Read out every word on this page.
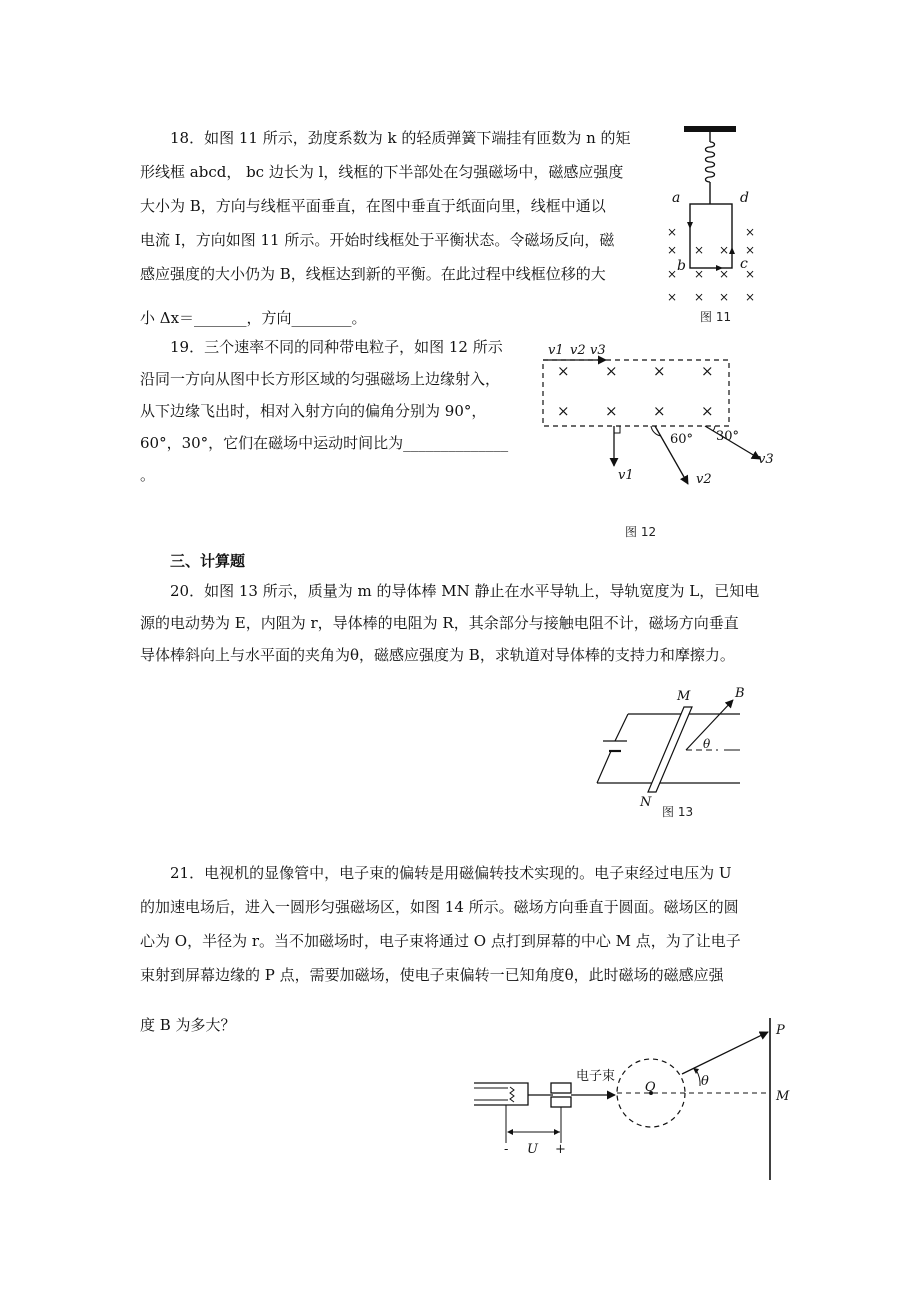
18．如图 11 所示，劲度系数为 k 的轻质弹簧下端挂有匝数为 n 的矩
形线框 abcd， bc 边长为 l，线框的下半部处在匀强磁场中，磁感应强度
大小为 B，方向与线框平面垂直，在图中垂直于纸面向里，线框中通以
电流 I，方向如图 11 所示。开始时线框处于平衡状态。令磁场反向，磁
感应强度的大小仍为 B，线框达到新的平衡。在此过程中线框位移的大
小 Δx＝_______，方向________。
×	×
× × × ×
× × × ×
× × × ×
a	d
b	c
图 11
19．三个速率不同的同种带电粒子，如图 12 所示
沿同一方向从图中长方形区域的匀强磁场上边缘射入，
从下边缘飞出时，相对入射方向的偏角分别为 90°，
60°，30°，它们在磁场中运动时间比为______________
。
v1 v2 v3
× × × ×
× × × ×
60° 30°
v1	v2
v3
图 12
三、计算题
20．如图 13 所示，质量为 m 的导体棒 MN 静止在水平导轨上，导轨宽度为 L，已知电
源的电动势为 E，内阻为 r，导体棒的电阻为 R，其余部分与接触电阻不计，磁场方向垂直
导体棒斜向上与水平面的夹角为θ，磁感应强度为 B，求轨道对导体棒的支持力和摩擦力。
M
N
B
θ
图 13
21．电视机的显像管中，电子束的偏转是用磁偏转技术实现的。电子束经过电压为 U
的加速电场后，进入一圆形匀强磁场区，如图 14 所示。磁场方向垂直于圆面。磁场区的圆
心为 O，半径为 r。当不加磁场时，电子束将通过 O 点打到屏幕的中心 M 点，为了让电子
束射到屏幕边缘的 P 点，需要加磁场，使电子束偏转一已知角度θ，此时磁场的磁感应强
度 B 为多大？
- U +
电子束
O
P
M
θ
